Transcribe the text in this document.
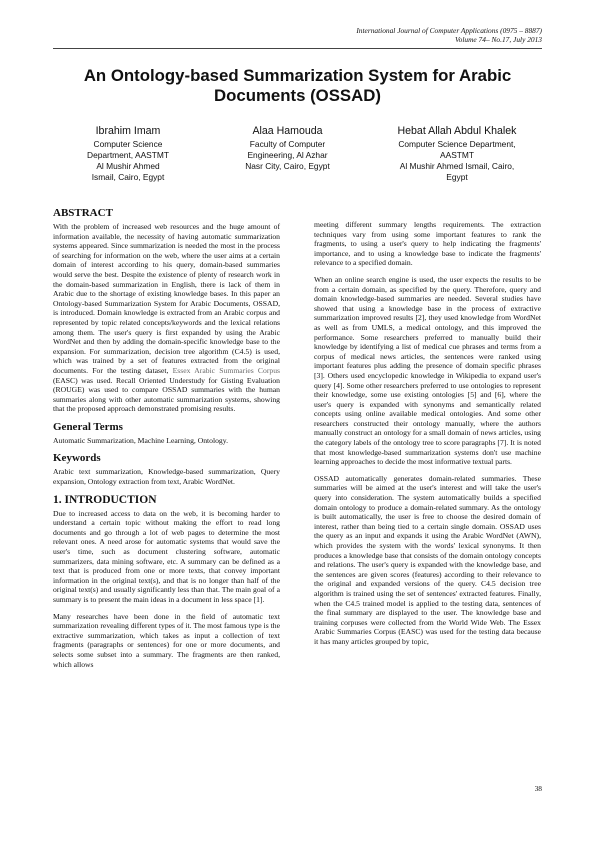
International Journal of Computer Applications (0975 – 8887)
Volume 74– No.17, July 2013
An Ontology-based Summarization System for Arabic
Documents (OSSAD)
Ibrahim Imam
Computer Science
Department, AASTMT
Al Mushir Ahmed
Ismail, Cairo, Egypt
Alaa Hamouda
Faculty of Computer
Engineering, Al Azhar
Nasr City, Cairo, Egypt
Hebat Allah Abdul Khalek
Computer Science Department,
AASTMT
Al Mushir Ahmed Ismail, Cairo,
Egypt
ABSTRACT

With the problem of increased web resources and the huge amount of information available, the necessity of having automatic summarization systems appeared. Since summarization is needed the most in the process of searching for information on the web, where the user aims at a certain domain of interest according to his query, domain-based summaries would serve the best. Despite the existence of plenty of research work in the domain-based summarization in English, there is lack of them in Arabic due to the shortage of existing knowledge bases. In this paper an Ontology-based Summarization System for Arabic Documents, OSSAD, is introduced. Domain knowledge is extracted from an Arabic corpus and represented by topic related concepts/keywords and the lexical relations among them. The user's query is first expanded by using the Arabic WordNet and then by adding the domain-specific knowledge base to the expansion. For summarization, decision tree algorithm (C4.5) is used, which was trained by a set of features extracted from the original documents. For the testing dataset, Essex Arabic Summaries Corpus (EASC) was used. Recall Oriented Understudy for Gisting Evaluation (ROUGE) was used to compare OSSAD summaries with the human summaries along with other automatic summarization systems, showing that the proposed approach demonstrated promising results.

General Terms

Automatic Summarization, Machine Learning, Ontology.

Keywords

Arabic text summarization, Knowledge-based summarization, Query expansion, Ontology extraction from text, Arabic WordNet.

1. INTRODUCTION

Due to increased access to data on the web, it is becoming harder to understand a certain topic without making the effort to read long documents and go through a lot of web pages to determine the most relevant ones. A need arose for automatic systems that would save the user's time, such as document clustering software, automatic summarizers, data mining software, etc. A summary can be defined as a text that is produced from one or more texts, that convey important information in the original text(s), and that is no longer than half of the original text(s) and usually significantly less than that. The main goal of a summary is to present the main ideas in a document in less space [1].

Many researches have been done in the field of automatic text summarization revealing different types of it. The most famous type is the extractive summarization, which takes as input a collection of text fragments (paragraphs or sentences) for one or more documents, and selects some subset into a summary. The fragments are then ranked, which allows

meeting different summary lengths requirements. The extraction techniques vary from using some important features to rank the fragments, to using a user's query to help indicating the fragments' importance, and to using a knowledge base to indicate the fragments' relevance to a specified domain.

When an online search engine is used, the user expects the results to be from a certain domain, as specified by the query. Therefore, query and domain knowledge-based summaries are needed. Several studies have showed that using a knowledge base in the process of extractive summarization improved results [2], they used knowledge from WordNet as well as from UMLS, a medical ontology, and this improved the performance. Some researchers preferred to manually build their knowledge by identifying a list of medical cue phrases and terms from a corpus of medical news articles, the sentences were ranked using important features plus adding the presence of domain specific phrases [3]. Others used encyclopedic knowledge in Wikipedia to expand user's query [4]. Some other researchers preferred to use ontologies to represent their knowledge, some use existing ontologies [5] and [6], where the user's query is expanded with synonyms and semantically related concepts using online available medical ontologies. And some other researchers constructed their ontology manually, where the authors manually construct an ontology for a small domain of news articles, using the category labels of the ontology tree to score paragraphs [7]. It is noted that most knowledge-based summarization systems don't use machine learning approaches to decide the most informative textual parts.

OSSAD automatically generates domain-related summaries. These summaries will be aimed at the user's interest and will take the user's query into consideration. The system automatically builds a specified domain ontology to produce a domain-related summary. As the ontology is built automatically, the user is free to choose the desired domain of interest, rather than being tied to a certain single domain. OSSAD uses the query as an input and expands it using the Arabic WordNet (AWN), which provides the system with the words' lexical synonyms. It then produces a knowledge base that consists of the domain ontology concepts and relations. The user's query is expanded with the knowledge base, and the sentences are given scores (features) according to their relevance to the original and expanded versions of the query. C4.5 decision tree algorithm is trained using the set of sentences' extracted features. Finally, when the C4.5 trained model is applied to the testing data, sentences of the final summary are displayed to the user. The knowledge base and training corpuses were collected from the World Wide Web. The Essex Arabic Summaries Corpus (EASC) was used for the testing data because it has many articles grouped by topic,

38
